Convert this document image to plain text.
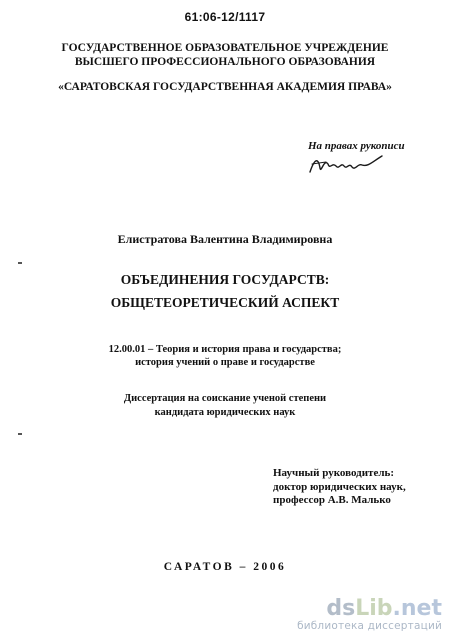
61:06-12/1117
ГОСУДАРСТВЕННОЕ ОБРАЗОВАТЕЛЬНОЕ УЧРЕЖДЕНИЕ
ВЫСШЕГО ПРОФЕССИОНАЛЬНОГО ОБРАЗОВАНИЯ
«САРАТОВСКАЯ ГОСУДАРСТВЕННАЯ АКАДЕМИЯ ПРАВА»
На правах рукописи
Елистратова Валентина Владимировна
ОБЪЕДИНЕНИЯ ГОСУДАРСТВ:
ОБЩЕТЕОРЕТИЧЕСКИЙ АСПЕКТ
12.00.01 – Теория и история права и государства;
история учений о праве и государстве
Диссертация на соискание ученой степени
кандидата юридических наук
Научный руководитель:
доктор юридических наук,
профессор А.В. Малько
САРАТОВ – 2006
dsLib.net
библиотека диссертаций
